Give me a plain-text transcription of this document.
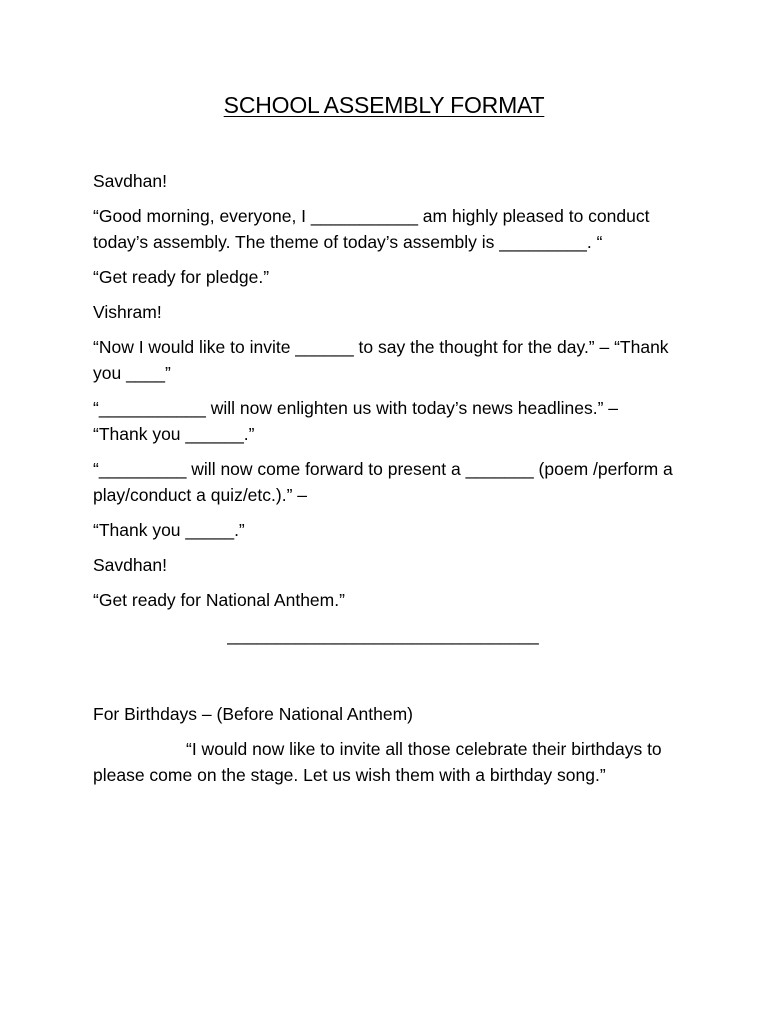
SCHOOL ASSEMBLY FORMAT

Savdhan!

“Good morning, everyone, I ___________ am highly pleased to conduct today’s assembly. The theme of today’s assembly is _________. “

“Get ready for pledge.”

Vishram!

“Now I would like to invite ______ to say the thought for the day.” – “Thank you ____”

“___________ will now enlighten us with today’s news headlines.” – “Thank you ______.”

“_________ will now come forward to present a _______ (poem /perform a play/conduct a quiz/etc.).” –

“Thank you _____.”

Savdhan!

“Get ready for National Anthem.”

________________________________

For Birthdays – (Before National Anthem)

“I would now like to invite all those celebrate their birthdays to please come on the stage. Let us wish them with a birthday song.”
